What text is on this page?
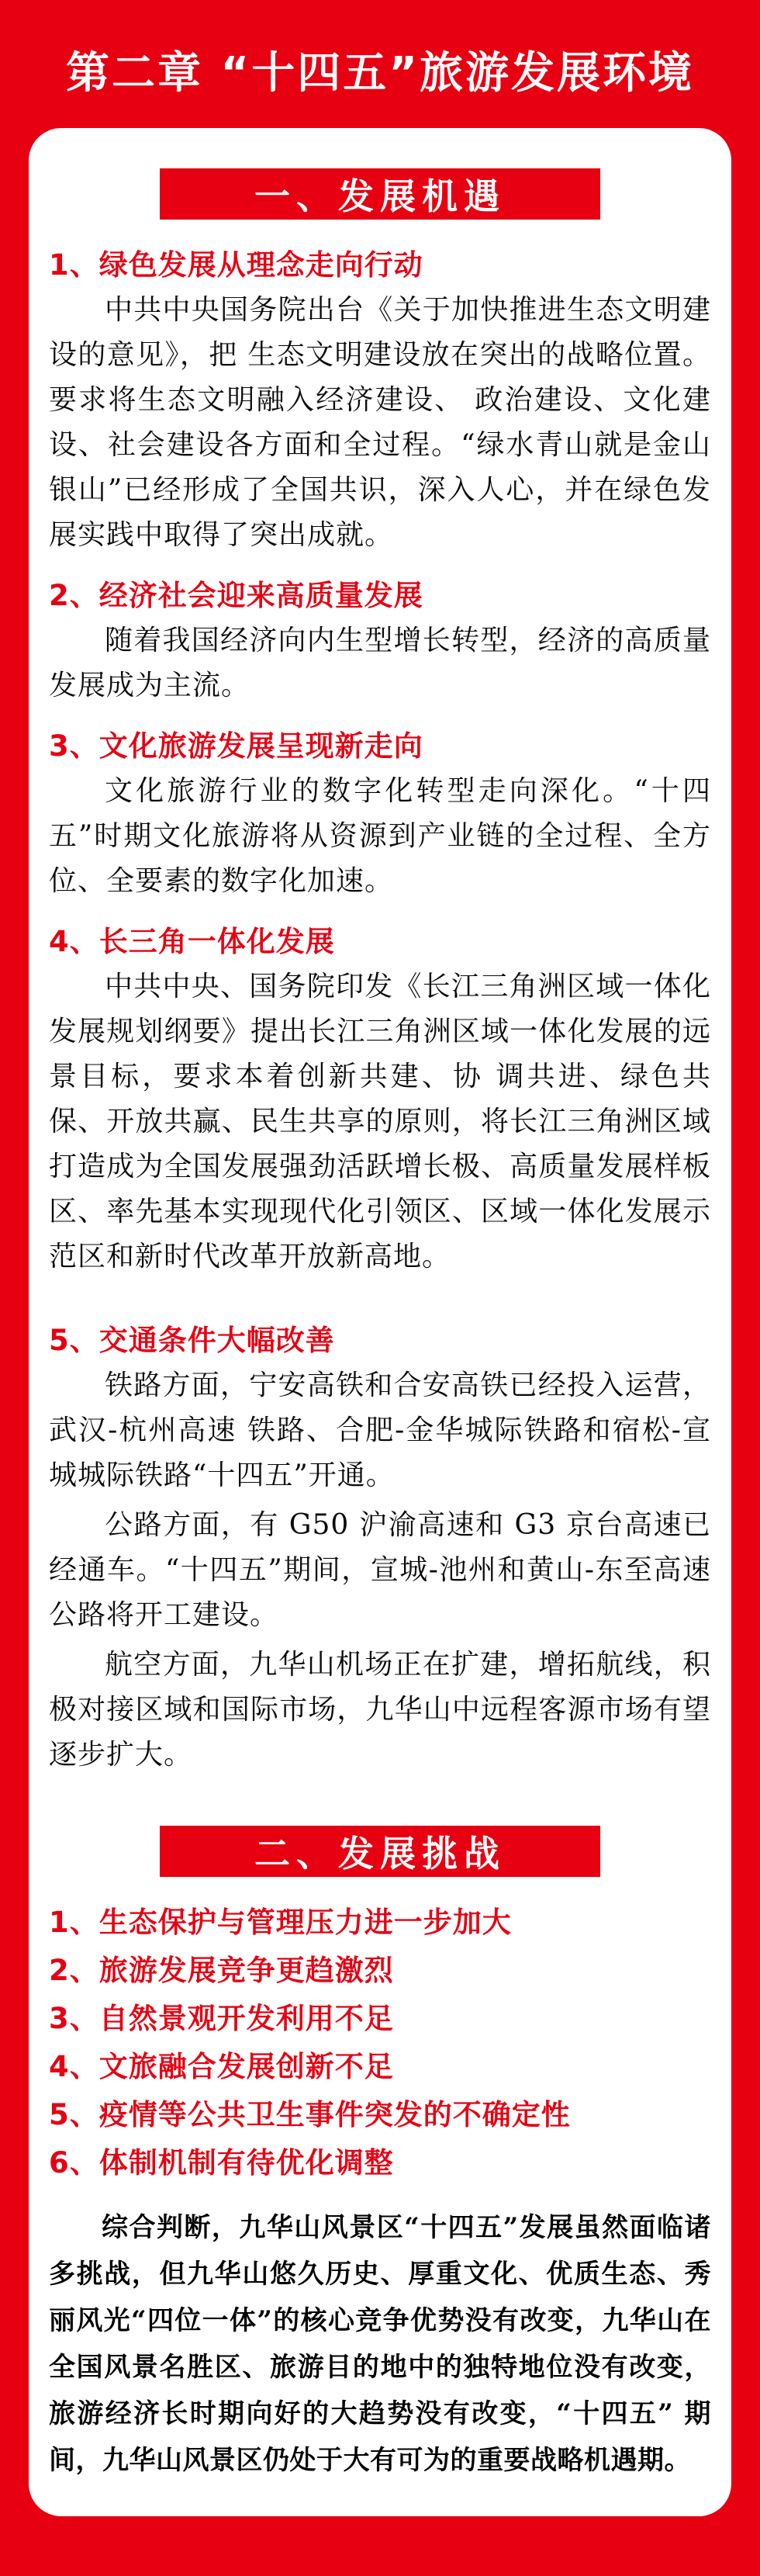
第二章 “十四五”旅游发展环境
一、发展机遇
1、绿色发展从理念走向行动

中共中央国务院出台《关于加快推进生态文明建设的意见》，把 生态文明建设放在突出的战略位置。要求将生态文明融入经济建设、 政治建设、文化建设、社会建设各方面和全过程。“绿水青山就是金山银山”已经形成了全国共识，深入人心，并在绿色发展实践中取得了突出成就。

2、经济社会迎来高质量发展

随着我国经济向内生型增长转型，经济的高质量发展成为主流。

3、文化旅游发展呈现新走向

文化旅游行业的数字化转型走向深化。“十四五”时期文化旅游将从资源到产业链的全过程、全方位、全要素的数字化加速。

4、长三角一体化发展

中共中央、国务院印发《长江三角洲区域一体化发展规划纲要》提出长江三角洲区域一体化发展的远景目标，要求本着创新共建、协 调共进、绿色共保、开放共赢、民生共享的原则，将长江三角洲区域打造成为全国发展强劲活跃增长极、高质量发展样板区、率先基本实现现代化引领区、区域一体化发展示范区和新时代改革开放新高地。

5、交通条件大幅改善

铁路方面，宁安高铁和合安高铁已经投入运营，武汉-杭州高速 铁路、合肥-金华城际铁路和宿松-宣城城际铁路“十四五”开通。

公路方面，有 G50 沪渝高速和 G3 京台高速已经通车。“十四五”期间，宣城-池州和黄山-东至高速公路将开工建设。

航空方面，九华山机场正在扩建，增拓航线，积极对接区域和国际市场，九华山中远程客源市场有望逐步扩大。

二、发展挑战
1、生态保护与管理压力进一步加大
2、旅游发展竞争更趋激烈
3、自然景观开发利用不足
4、文旅融合发展创新不足
5、疫情等公共卫生事件突发的不确定性
6、体制机制有待优化调整

综合判断，九华山风景区“十四五”发展虽然面临诸多挑战，但九华山悠久历史、厚重文化、优质生态、秀丽风光“四位一体”的核心竞争优势没有改变，九华山在全国风景名胜区、旅游目的地中的独特地位没有改变，旅游经济长时期向好的大趋势没有改变，“十四五” 期间，九华山风景区仍处于大有可为的重要战略机遇期。
